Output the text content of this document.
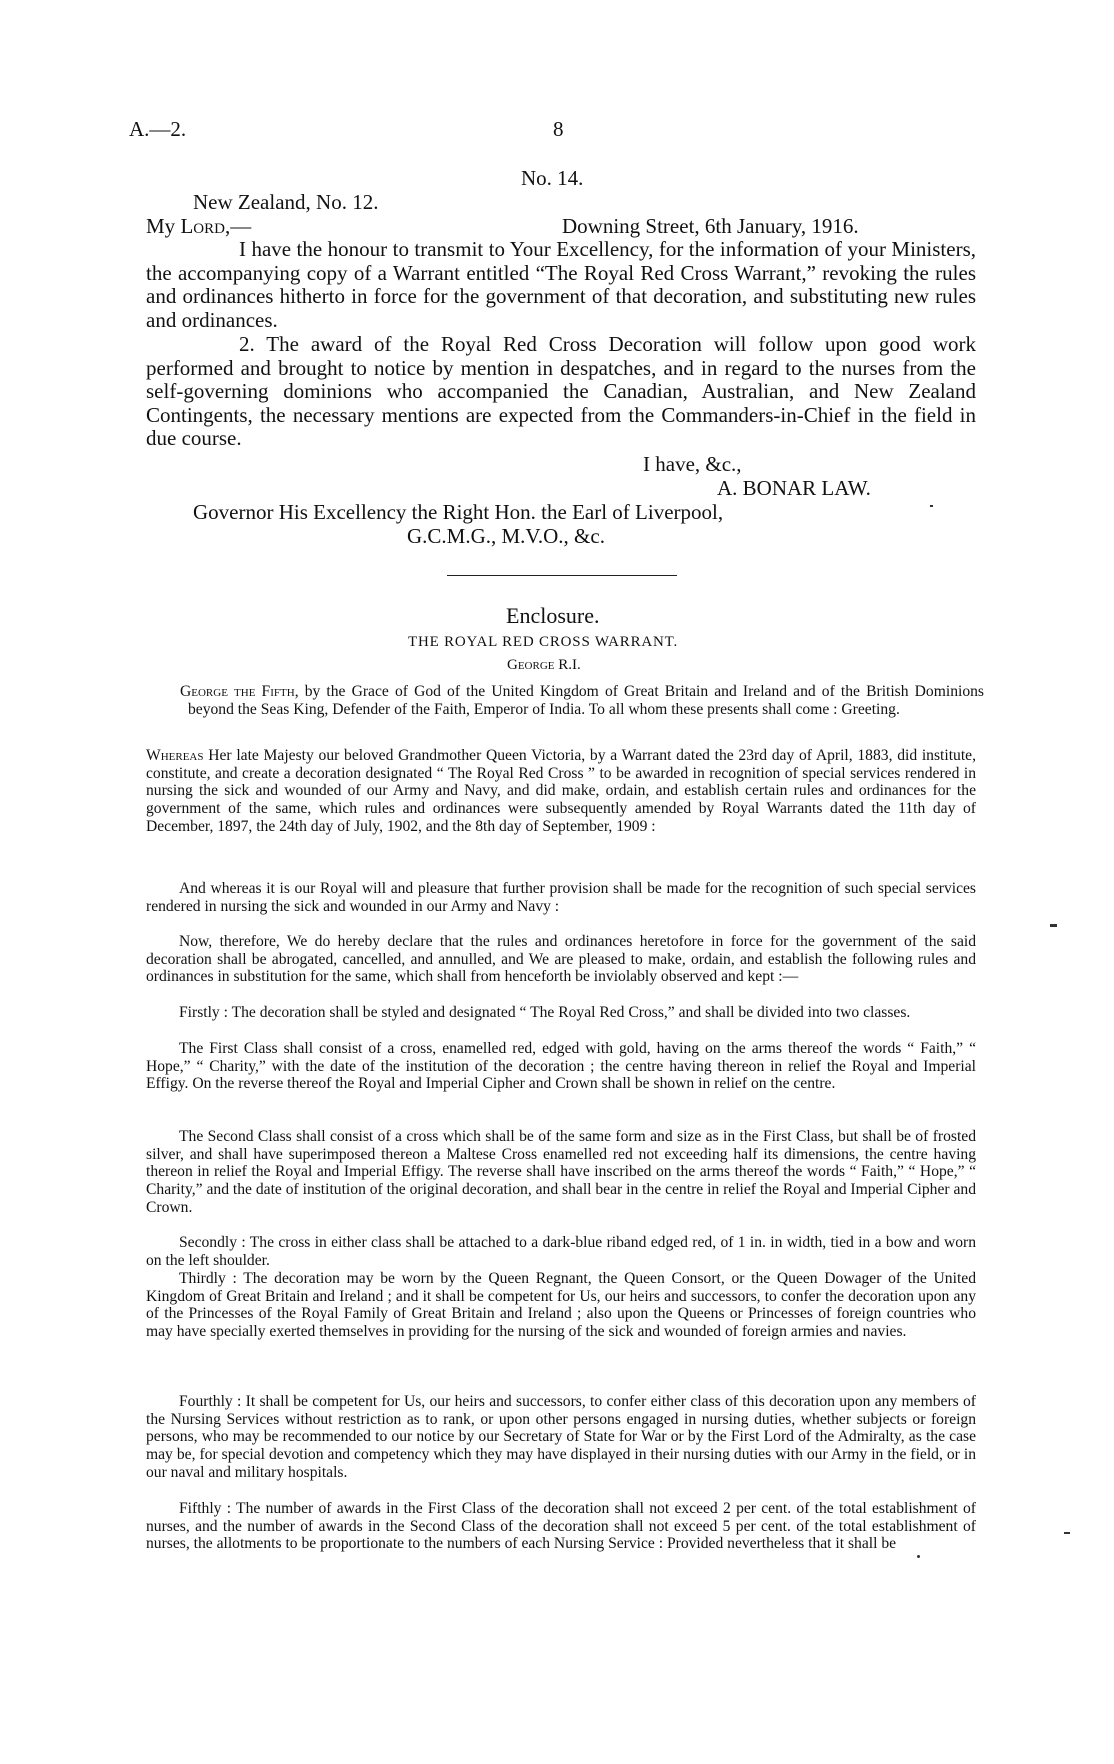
A.—2.	8
No. 14.
New Zealand, No. 12.
My Lord,—	Downing Street, 6th January, 1916.
I have the honour to transmit to Your Excellency, for the information of your Ministers, the accompanying copy of a Warrant entitled “The Royal Red Cross Warrant,” revoking the rules and ordinances hitherto in force for the government of that decoration, and substituting new rules and ordinances.
2. The award of the Royal Red Cross Decoration will follow upon good work performed and brought to notice by mention in despatches, and in regard to the nurses from the self-governing dominions who accompanied the Canadian, Australian, and New Zealand Contingents, the necessary mentions are expected from the Commanders-in-Chief in the field in due course.
I have, &c.,
A. BONAR LAW.
Governor His Excellency the Right Hon. the Earl of Liverpool,
G.C.M.G., M.V.O., &c.
Enclosure.
THE ROYAL RED CROSS WARRANT.
George R.I.
George the Fifth, by the Grace of God of the United Kingdom of Great Britain and Ireland and of the British Dominions beyond the Seas King, Defender of the Faith, Emperor of India. To all whom these presents shall come : Greeting.
Whereas Her late Majesty our beloved Grandmother Queen Victoria, by a Warrant dated the 23rd day of April, 1883, did institute, constitute, and create a decoration designated “ The Royal Red Cross ” to be awarded in recognition of special services rendered in nursing the sick and wounded of our Army and Navy, and did make, ordain, and establish certain rules and ordinances for the government of the same, which rules and ordinances were subsequently amended by Royal Warrants dated the 11th day of December, 1897, the 24th day of July, 1902, and the 8th day of September, 1909 :
And whereas it is our Royal will and pleasure that further provision shall be made for the recognition of such special services rendered in nursing the sick and wounded in our Army and Navy :
Now, therefore, We do hereby declare that the rules and ordinances heretofore in force for the government of the said decoration shall be abrogated, cancelled, and annulled, and We are pleased to make, ordain, and establish the following rules and ordinances in substitution for the same, which shall from henceforth be inviolably observed and kept :—
Firstly : The decoration shall be styled and designated “ The Royal Red Cross,” and shall be divided into two classes.
The First Class shall consist of a cross, enamelled red, edged with gold, having on the arms thereof the words “ Faith,” “ Hope,” “ Charity,” with the date of the institution of the decoration ; the centre having thereon in relief the Royal and Imperial Effigy. On the reverse thereof the Royal and Imperial Cipher and Crown shall be shown in relief on the centre.
The Second Class shall consist of a cross which shall be of the same form and size as in the First Class, but shall be of frosted silver, and shall have superimposed thereon a Maltese Cross enamelled red not exceeding half its dimensions, the centre having thereon in relief the Royal and Imperial Effigy. The reverse shall have inscribed on the arms thereof the words “ Faith,” “ Hope,” “ Charity,” and the date of institution of the original decoration, and shall bear in the centre in relief the Royal and Imperial Cipher and Crown.
Secondly : The cross in either class shall be attached to a dark-blue riband edged red, of 1 in. in width, tied in a bow and worn on the left shoulder.
Thirdly : The decoration may be worn by the Queen Regnant, the Queen Consort, or the Queen Dowager of the United Kingdom of Great Britain and Ireland ; and it shall be competent for Us, our heirs and successors, to confer the decoration upon any of the Princesses of the Royal Family of Great Britain and Ireland ; also upon the Queens or Princesses of foreign countries who may have specially exerted themselves in providing for the nursing of the sick and wounded of foreign armies and navies.
Fourthly : It shall be competent for Us, our heirs and successors, to confer either class of this decoration upon any members of the Nursing Services without restriction as to rank, or upon other persons engaged in nursing duties, whether subjects or foreign persons, who may be recommended to our notice by our Secretary of State for War or by the First Lord of the Admiralty, as the case may be, for special devotion and competency which they may have displayed in their nursing duties with our Army in the field, or in our naval and military hospitals.
Fifthly : The number of awards in the First Class of the decoration shall not exceed 2 per cent. of the total establishment of nurses, and the number of awards in the Second Class of the decoration shall not exceed 5 per cent. of the total establishment of nurses, the allotments to be proportionate to the numbers of each Nursing Service : Provided nevertheless that it shall be
